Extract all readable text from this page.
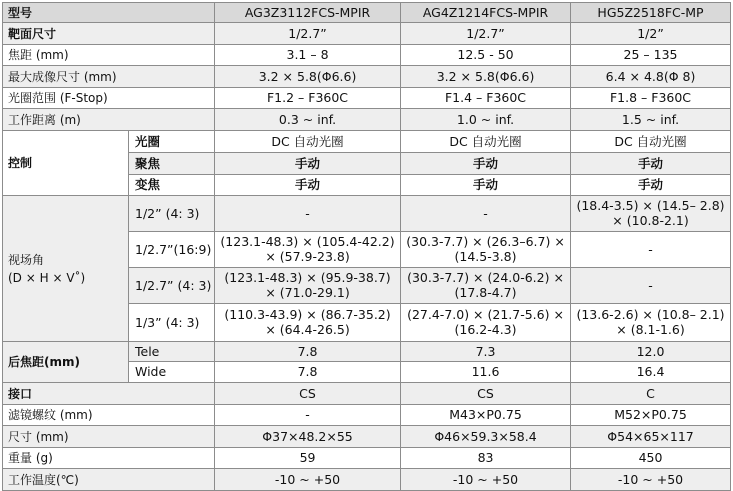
型号		AG3Z3112FCS-MPIR	AG4Z1214FCS-MPIR	HG5Z2518FC-MP
靶面尺寸		1/2.7”	1/2.7”	1/2”
焦距 (mm)		3.1 – 8	12.5 - 50	25 – 135
最大成像尺寸 (mm)		3.2 × 5.8(Φ6.6)	3.2 × 5.8(Φ6.6)	6.4 × 4.8(Φ 8)
光圈范围 (F-Stop)		F1.2 – F360C	F1.4 – F360C	F1.8 – F360C
工作距离 (m)		0.3 ~ inf.	1.0 ~ inf.	1.5 ~ inf.
控制	光圈	DC 自动光圈	DC 自动光圈	DC 自动光圈
	聚焦	手动	手动	手动
	变焦	手动	手动	手动

视场角
(D × H × V˚)	1/2” (4: 3)	-	-	(18.4-3.5) × (14.5– 2.8) × (10.8-2.1)
	1/2.7”(16:9)	(123.1-48.3) × (105.4-42.2) × (57.9-23.8)	(30.3-7.7) × (26.3–6.7) × (14.5-3.8)	-
	1/2.7” (4: 3)	(123.1-48.3) × (95.9-38.7) × (71.0-29.1)	(30.3-7.7) × (24.0-6.2) × (17.8-4.7)	-
	1/3” (4: 3)	(110.3-43.9) × (86.7-35.2) × (64.4-26.5)	(27.4-7.0) × (21.7-5.6) × (16.2-4.3)	(13.6-2.6) × (10.8– 2.1) × (8.1-1.6)
后焦距(mm)	Tele	7.8	7.3	12.0
	Wide	7.8	11.6	16.4
接口		CS	CS	C
滤镜螺纹 (mm)		-	M43×P0.75	M52×P0.75
尺寸 (mm)		Φ37×48.2×55	Φ46×59.3×58.4	Φ54×65×117
重量 (g)		59	83	450
工作温度(℃)		-10 ~ +50	-10 ~ +50	-10 ~ +50
